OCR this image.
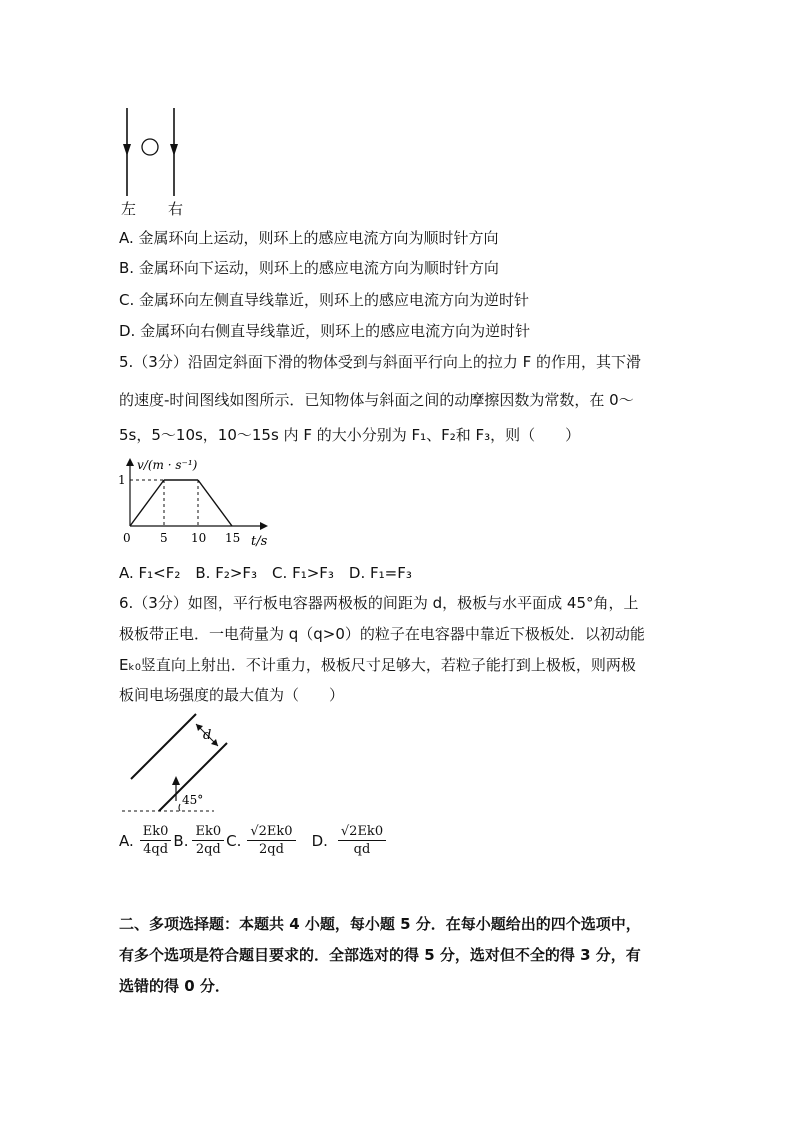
左 右
A. 金属环向上运动，则环上的感应电流方向为顺时针方向
B. 金属环向下运动，则环上的感应电流方向为顺时针方向
C. 金属环向左侧直导线靠近，则环上的感应电流方向为逆时针
D. 金属环向右侧直导线靠近，则环上的感应电流方向为逆时针
5.（3分）沿固定斜面下滑的物体受到与斜面平行向上的拉力 F 的作用，其下滑
的速度-时间图线如图所示．已知物体与斜面之间的动摩擦因数为常数，在 0～
5s，5～10s，10～15s 内 F 的大小分别为 F₁、F₂和 F₃，则（　　）
v/(m · s⁻¹)
t/s
0 5 10 15
1
A. F₁<F₂　B. F₂>F₃　C. F₁>F₃　D. F₁=F₃
6.（3分）如图，平行板电容器两极板的间距为 d，极板与水平面成 45°角，上
极板带正电．一电荷量为 q（q>0）的粒子在电容器中靠近下极板处．以初动能
Eₖ₀竖直向上射出．不计重力，极板尺寸足够大，若粒子能打到上极板，则两极
板间电场强度的最大值为（　　）
45°
d
A. $\frac{Ek0}{4qd} B$. $\frac{Ek0}{2qd} C$. $\frac{√2Ek0}{2qd} D$. $\frac{√2Ek0}{qd}$
二、多项选择题：本题共 4 小题，每小题 5 分．在每小题给出的四个选项中，
有多个选项是符合题目要求的．全部选对的得 5 分，选对但不全的得 3 分，有
选错的得 0 分．
